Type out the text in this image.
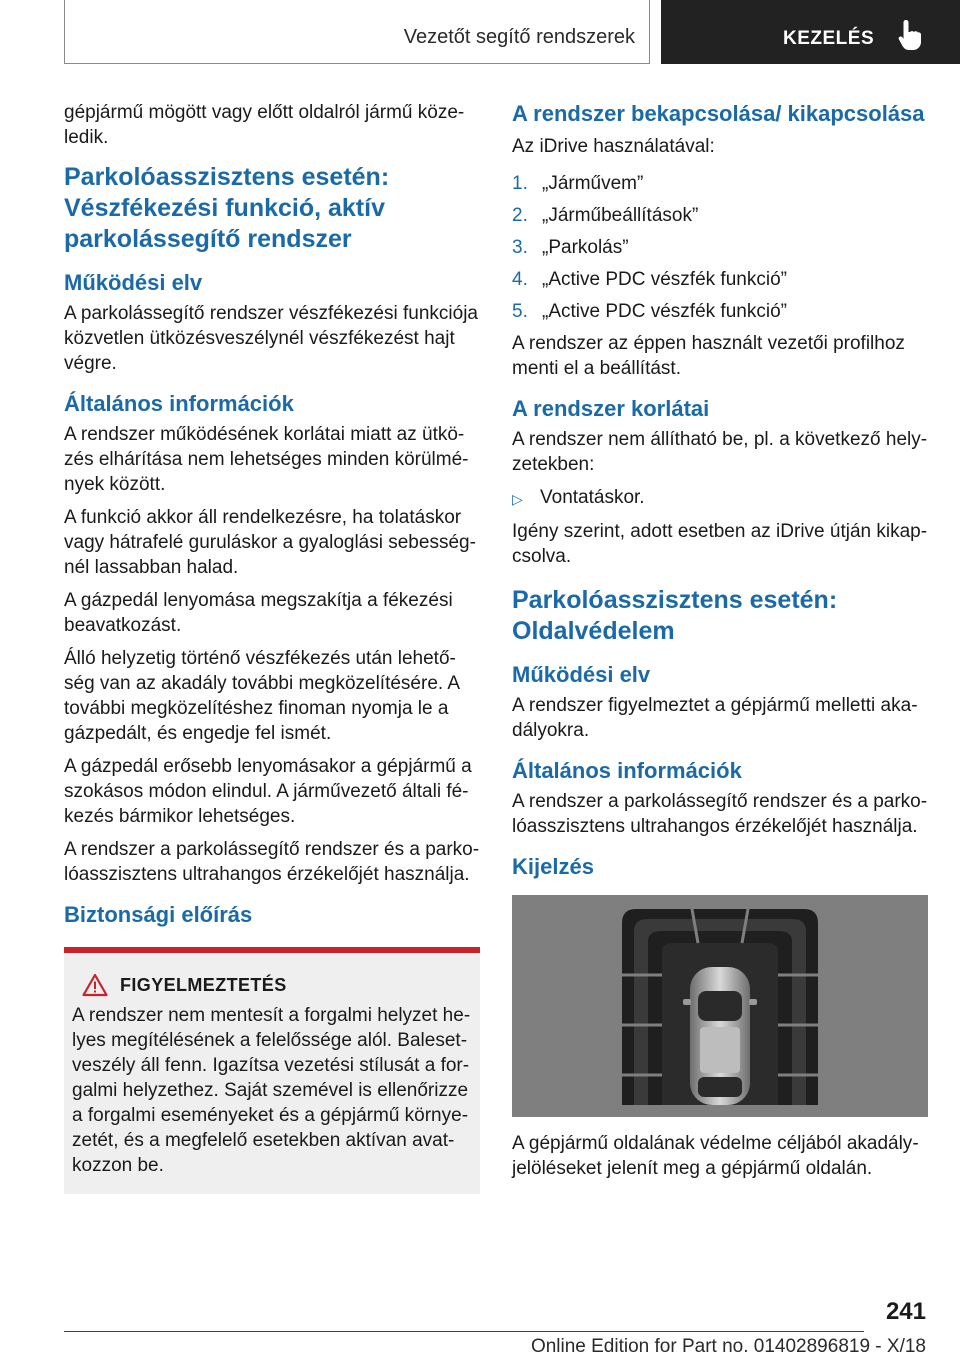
Vezetőt segítő rendszerek	KEZELÉS

gépjármű mögött vagy előtt oldalról jármű közeledik.

Parkolóasszisztens esetén: Vészfékezési funkció, aktív parkolássegítő rendszer
Működési elv

A parkolássegítő rendszer vészfékezési funkciója közvetlen ütközésveszélynél vészfékezést hajt végre.

Általános információk

A rendszer működésének korlátai miatt az ütközés elhárítása nem lehetséges minden körülmények között.

A funkció akkor áll rendelkezésre, ha tolatáskor vagy hátrafelé guruláskor a gyaloglási sebességnél lassabban halad.

A gázpedál lenyomása megszakítja a fékezési beavatkozást.

Álló helyzetig történő vészfékezés után lehetőség van az akadály további megközelítésére. A további megközelítéshez finoman nyomja le a gázpedált, és engedje fel ismét.

A gázpedál erősebb lenyomásakor a gépjármű a szokásos módon elindul. A járművezető általi fékezés bármikor lehetséges.

A rendszer a parkolássegítő rendszer és a parkolóasszisztens ultrahangos érzékelőjét használja.

Biztonsági előírás
FIGYELMEZTETÉS

A rendszer nem mentesít a forgalmi helyzet helyes megítélésének a felelőssége alól. Balesetveszély áll fenn. Igazítsa vezetési stílusát a forgalmi helyzethez. Saját szemével is ellenőrizze a forgalmi eseményeket és a gépjármű környezetét, és a megfelelő esetekben aktívan avatkozzon be.

A rendszer bekapcsolása/ kikapcsolása

Az iDrive használatával:

1. „Járművem”
2. „Járműbeállítások”
3. „Parkolás”
4. „Active PDC vészfék funkció”
5. „Active PDC vészfék funkció”

A rendszer az éppen használt vezetői profilhoz menti el a beállítást.

A rendszer korlátai

A rendszer nem állítható be, pl. a következő helyzetekben:

▷ Vontatáskor.

Igény szerint, adott esetben az iDrive útján kikapcsolva.

Parkolóasszisztens esetén: Oldalvédelem
Működési elv

A rendszer figyelmeztet a gépjármű melletti akadályokra.

Általános információk

A rendszer a parkolássegítő rendszer és a parkolóasszisztens ultrahangos érzékelőjét használja.

Kijelzés

A gépjármű oldalának védelme céljából akadályjelöléseket jelenít meg a gépjármű oldalán.

241
Online Edition for Part no. 01402896819 - X/18
